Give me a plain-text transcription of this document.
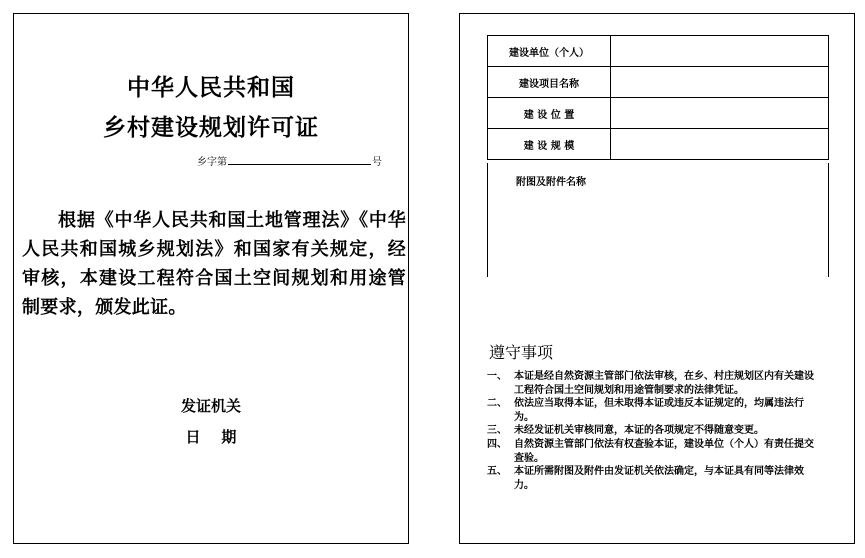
中华人民共和国
乡村建设规划许可证
乡字第	号
根据《中华人民共和国土地管理法》《中华人民共和国城乡规划法》和国家有关规定，经审核，本建设工程符合国土空间规划和用途管制要求，颁发此证。
发证机关
日    期
建设单位（个人）	
建设项目名称	
建 设 位 置	
建 设 规 模	
附图及附件名称
遵守事项
一、 本证是经自然资源主管部门依法审核，在乡、村庄规划区内有关建设工程符合国土空间规划和用途管制要求的法律凭证。
二、 依法应当取得本证，但未取得本证或违反本证规定的，均属违法行为。
三、 未经发证机关审核同意，本证的各项规定不得随意变更。
四、 自然资源主管部门依法有权查验本证，建设单位（个人）有责任提交查验。
五、 本证所需附图及附件由发证机关依法确定，与本证具有同等法律效力。
